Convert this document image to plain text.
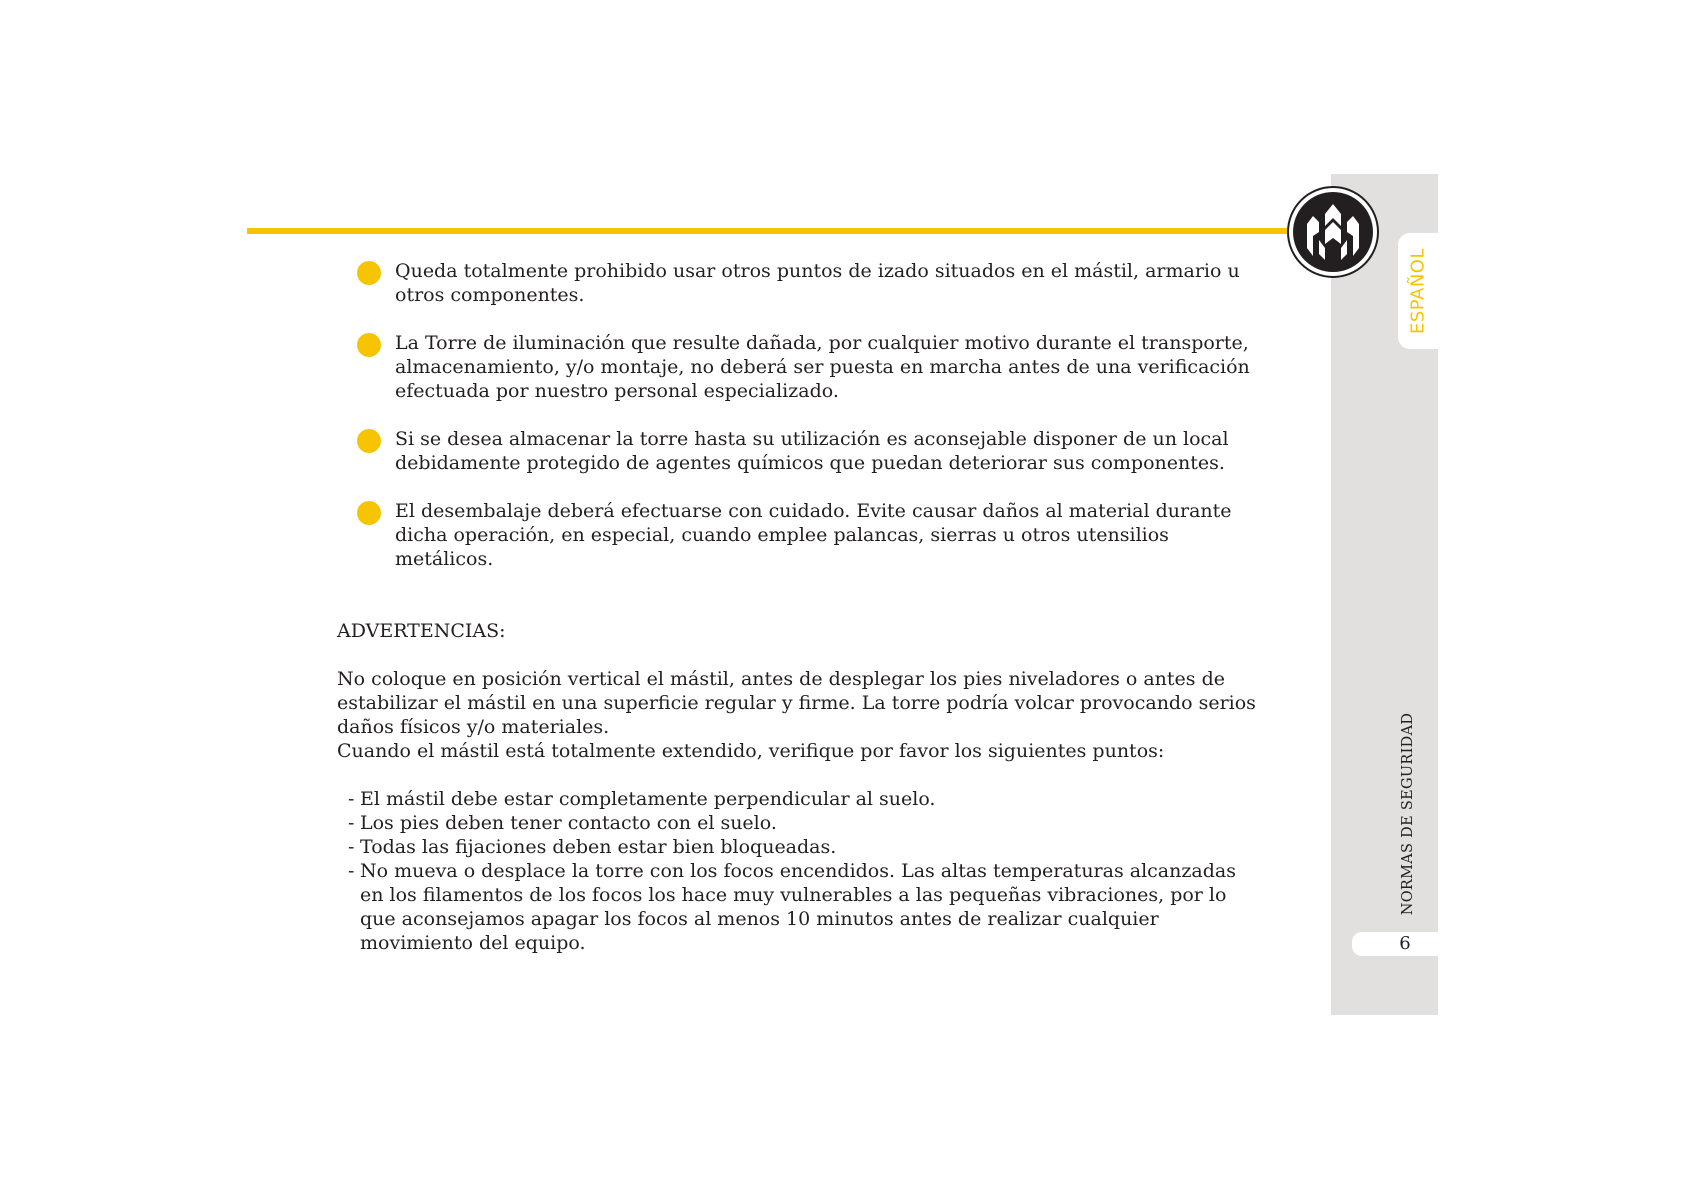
ESPAÑOL
NORMAS DE SEGURIDAD
6
Queda totalmente prohibido usar otros puntos de izado situados en el mástil, armario u otros componentes.
La Torre de iluminación que resulte dañada, por cualquier motivo durante el transporte, almacenamiento, y/o montaje, no deberá ser puesta en marcha antes de una verificación efectuada por nuestro personal especializado.
Si se desea almacenar la torre hasta su utilización es aconsejable disponer de un local debidamente protegido de agentes químicos que puedan deteriorar sus componentes.
El desembalaje deberá efectuarse con cuidado. Evite causar daños al material durante dicha operación, en especial, cuando emplee palancas, sierras u otros utensilios metálicos.
ADVERTENCIAS:

No coloque en posición vertical el mástil, antes de desplegar los pies niveladores o antes de estabilizar el mástil en una superficie regular y firme. La torre podría volcar provocando serios daños físicos y/o materiales.

Cuando el mástil está totalmente extendido, verifique por favor los siguientes puntos:

- El mástil debe estar completamente perpendicular al suelo.
- Los pies deben tener contacto con el suelo.
- Todas las fijaciones deben estar bien bloqueadas.
- No mueva o desplace la torre con los focos encendidos. Las altas temperaturas alcanzadas en los filamentos de los focos los hace muy vulnerables a las pequeñas vibraciones, por lo que aconsejamos apagar los focos al menos 10 minutos antes de realizar cualquier movimiento del equipo.
